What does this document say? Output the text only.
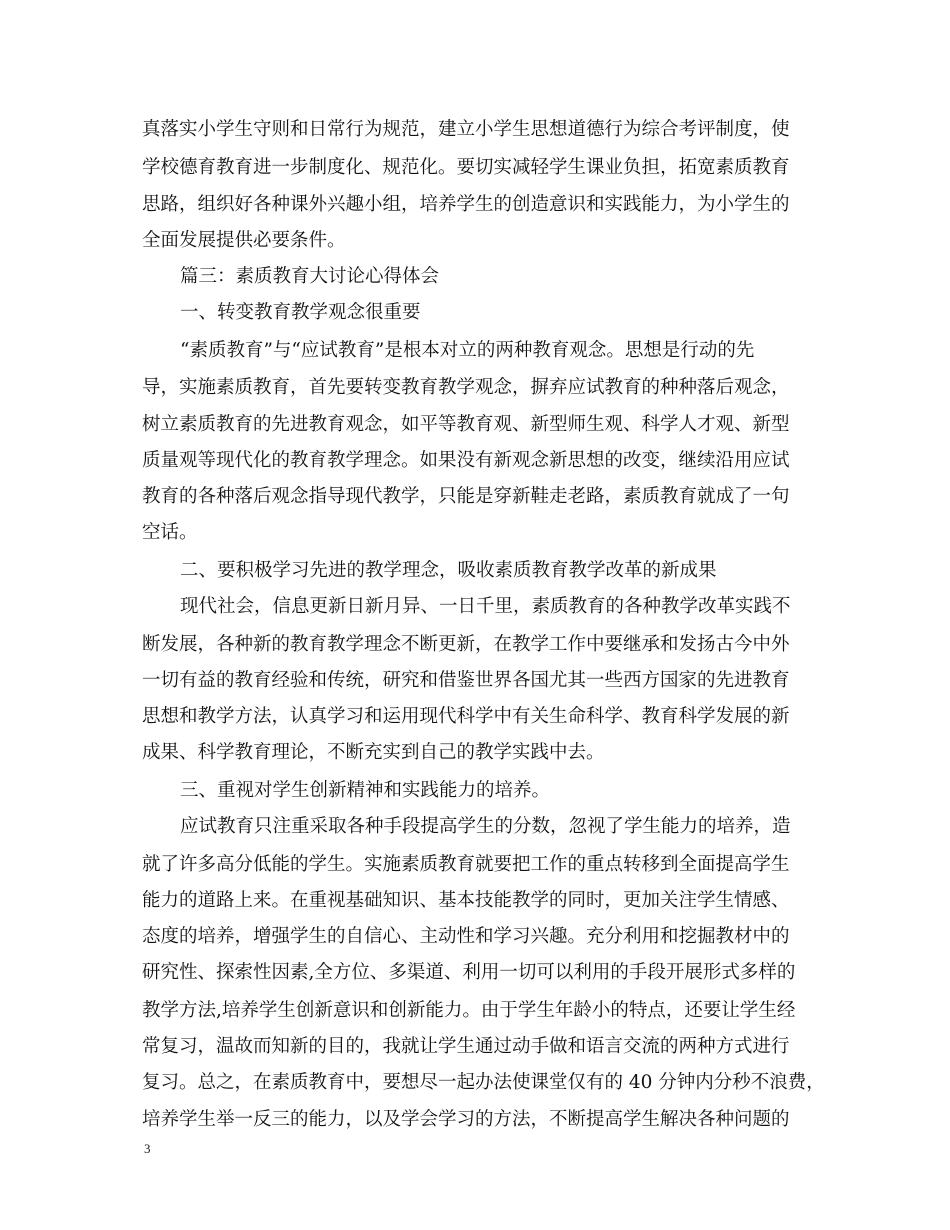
真落实小学生守则和日常行为规范，建立小学生思想道德行为综合考评制度，使
学校德育教育进一步制度化、规范化。要切实减轻学生课业负担，拓宽素质教育
思路，组织好各种课外兴趣小组，培养学生的创造意识和实践能力，为小学生的
全面发展提供必要条件。
篇三：素质教育大讨论心得体会
一、转变教育教学观念很重要
“素质教育”与“应试教育”是根本对立的两种教育观念。思想是行动的先
导，实施素质教育，首先要转变教育教学观念，摒弃应试教育的种种落后观念，
树立素质教育的先进教育观念，如平等教育观、新型师生观、科学人才观、新型
质量观等现代化的教育教学理念。如果没有新观念新思想的改变，继续沿用应试
教育的各种落后观念指导现代教学，只能是穿新鞋走老路，素质教育就成了一句
空话。
二、要积极学习先进的教学理念，吸收素质教育教学改革的新成果
现代社会，信息更新日新月异、一日千里，素质教育的各种教学改革实践不
断发展，各种新的教育教学理念不断更新，在教学工作中要继承和发扬古今中外
一切有益的教育经验和传统，研究和借鉴世界各国尤其一些西方国家的先进教育
思想和教学方法，认真学习和运用现代科学中有关生命科学、教育科学发展的新
成果、科学教育理论，不断充实到自己的教学实践中去。
三、重视对学生创新精神和实践能力的培养。
应试教育只注重采取各种手段提高学生的分数，忽视了学生能力的培养，造
就了许多高分低能的学生。实施素质教育就要把工作的重点转移到全面提高学生
能力的道路上来。在重视基础知识、基本技能教学的同时，更加关注学生情感、
态度的培养，增强学生的自信心、主动性和学习兴趣。充分利用和挖掘教材中的
研究性、探索性因素,全方位、多渠道、利用一切可以利用的手段开展形式多样的
教学方法,培养学生创新意识和创新能力。由于学生年龄小的特点，还要让学生经
常复习，温故而知新的目的，我就让学生通过动手做和语言交流的两种方式进行
复习。总之，在素质教育中，要想尽一起办法使课堂仅有的 40 分钟内分秒不浪费，
培养学生举一反三的能力，以及学会学习的方法，不断提高学生解决各种问题的
3
